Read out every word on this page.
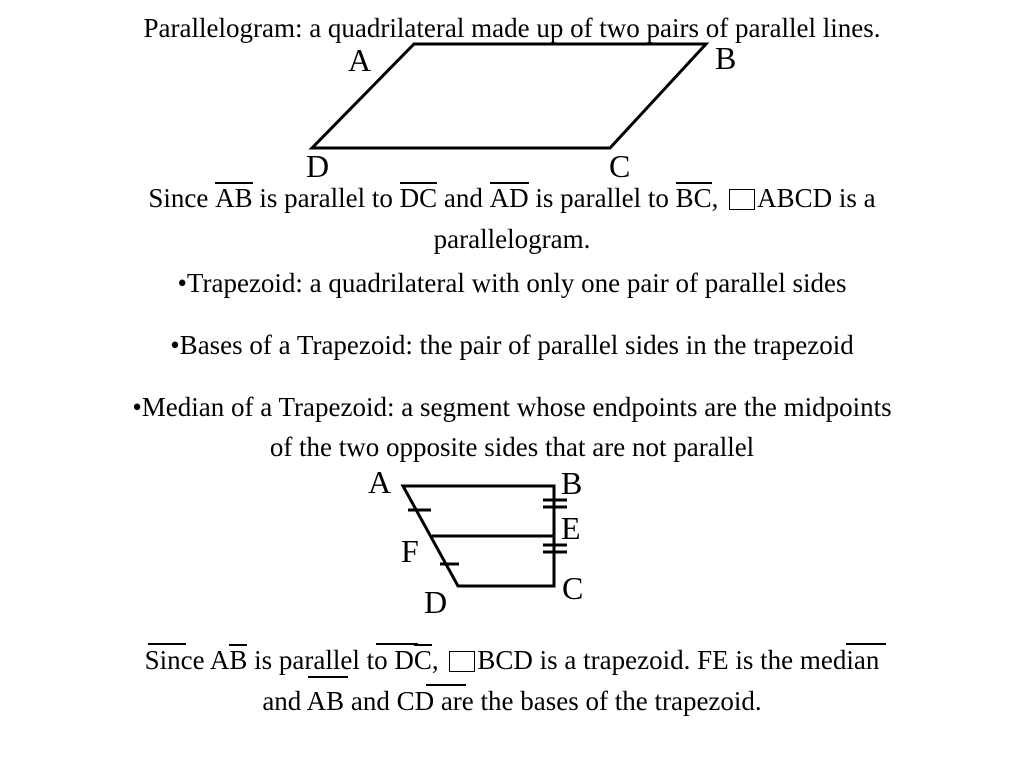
Parallelogram: a quadrilateral made up of two pairs of parallel lines.
A	B
C
D
Since AB is parallel to DC and AD is parallel to BC, ABCD is a
parallelogram.
•Trapezoid: a quadrilateral with only one pair of parallel sides
•Bases of a Trapezoid: the pair of parallel sides in the trapezoid
•Median of a Trapezoid: a segment whose endpoints are the midpoints
of the two opposite sides that are not parallel
A	B
E
F
C
D
Since AB is parallel to DC, BCD is a trapezoid. FE is the median
and AB and CD are the bases of the trapezoid.
